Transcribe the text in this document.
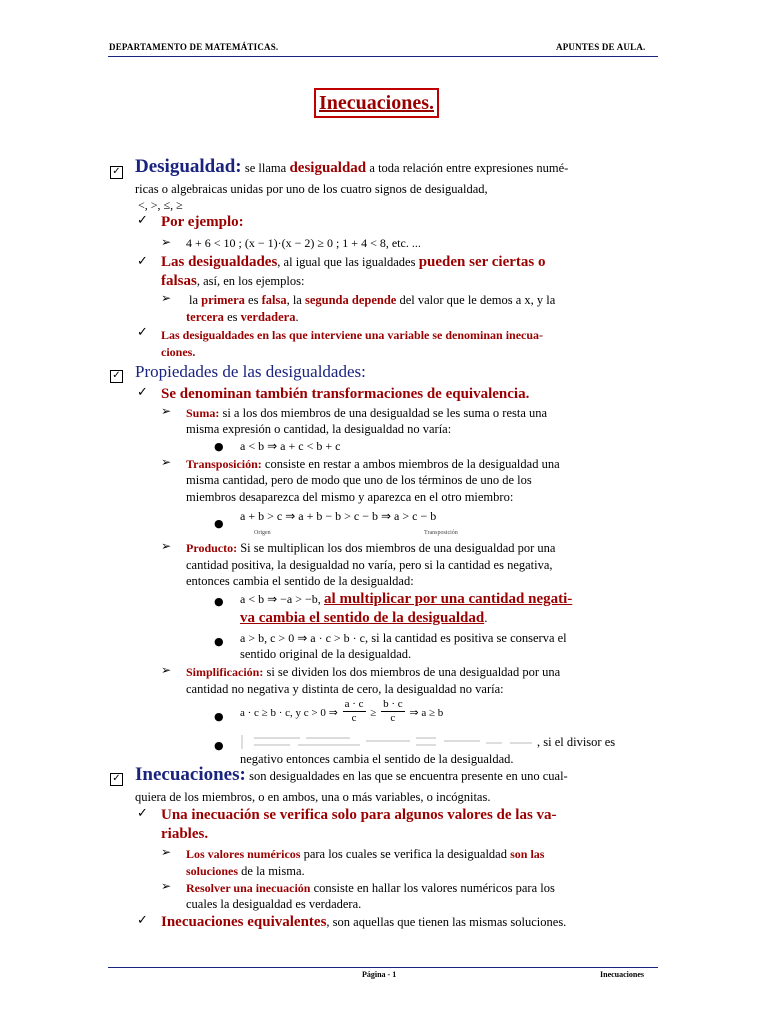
DEPARTAMENTO DE MATEMÁTICAS.	APUNTES DE AULA.
Inecuaciones.
✓ Desigualdad: se llama desigualdad a toda relación entre expresiones numé-
ricas o algebraicas unidas por uno de los cuatro signos de desigualdad,
<, >, ≤, ≥
✓ Por ejemplo:
➢ 4 + 6 < 10 ; (x − 1)·(x − 2) ≥ 0 ; 1 + 4 < 8, etc. ...
✓ Las desigualdades, al igual que las igualdades pueden ser ciertas o
falsas, así, en los ejemplos:
➢ la primera es falsa, la segunda depende del valor que le demos a x, y la
tercera es verdadera.
✓ Las desigualdades en las que interviene una variable se denominan inecua-
ciones.
✓ Propiedades de las desigualdades:
✓ Se denominan también transformaciones de equivalencia.
➢ Suma: si a los dos miembros de una desigualdad se les suma o resta una
misma expresión o cantidad, la desigualdad no varía:
● a < b ⇒ a + c < b + c
➢ Transposición: consiste en restar a ambos miembros de la desigualdad una
misma cantidad, pero de modo que uno de los términos de uno de los
miembros desaparezca del mismo y aparezca en el otro miembro:
●
a + b > c ⇒ a + b − b > c − b ⇒ a > c − b
Origen	Transposición
➢ Producto: Si se multiplican los dos miembros de una desigualdad por una
cantidad positiva, la desigualdad no varía, pero si la cantidad es negativa,
entonces cambia el sentido de la desigualdad:
● a < b ⇒ −a > −b, al multiplicar por una cantidad negati-
va cambia el sentido de la desigualdad.
● a > b, c > 0 ⇒ a · c > b · c, si la cantidad es positiva se conserva el
sentido original de la desigualdad.
➢ Simplificación: si se dividen los dos miembros de una desigualdad por una
cantidad no negativa y distinta de cero, la desigualdad no varía:
● a · c ≥ b · c, y c > 0 ⇒ $\frac{a \cdot c}{c} \ge \frac{b \cdot c}{c}$ ⇒ a ≥ b
●	, si el divisor es
negativo entonces cambia el sentido de la desigualdad.
✓ Inecuaciones: son desigualdades en las que se encuentra presente en uno cual-
quiera de los miembros, o en ambos, una o más variables, o incógnitas.
✓ Una inecuación se verifica solo para algunos valores de las va-
riables.
➢ Los valores numéricos para los cuales se verifica la desigualdad son las
soluciones de la misma.
➢ Resolver una inecuación consiste en hallar los valores numéricos para los
cuales la desigualdad es verdadera.
✓ Inecuaciones equivalentes, son aquellas que tienen las mismas soluciones.
Página - 1	Inecuaciones
